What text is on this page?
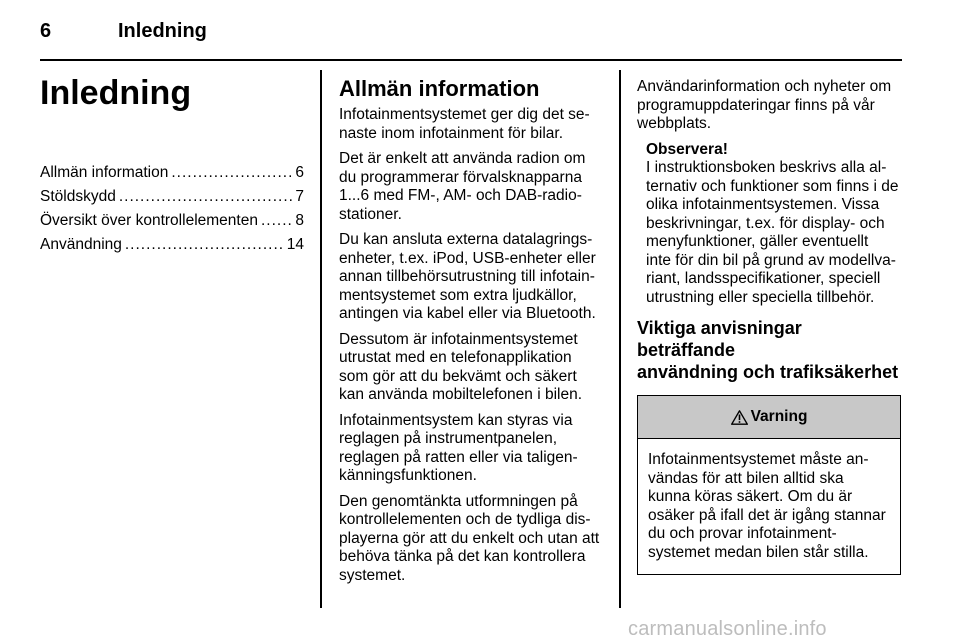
6	Inledning
Inledning
Allmän information .....	6
Stöldskydd .....	7
Översikt över kontrollelementen ..... 8
Användning .....	14
Allmän information

Infotainmentsystemet ger dig det se-
naste inom infotainment för bilar.

Det är enkelt att använda radion om
du programmerar förvalsknapparna
1...6 med FM-, AM- och DAB-radio-
stationer.

Du kan ansluta externa datalagrings-
enheter, t.ex. iPod, USB-enheter eller
annan tillbehörsutrustning till infotain-
mentsystemet som extra ljudkällor,
antingen via kabel eller via Bluetooth.

Dessutom är infotainmentsystemet
utrustat med en telefonapplikation
som gör att du bekvämt och säkert
kan använda mobiltelefonen i bilen.

Infotainmentsystem kan styras via
reglagen på instrumentpanelen,
reglagen på ratten eller via taligen-
känningsfunktionen.

Den genomtänkta utformningen på
kontrollelementen och de tydliga dis-
playerna gör att du enkelt och utan att
behöva tänka på det kan kontrollera
systemet.

Användarinformation och nyheter om
programuppdateringar finns på vår
webbplats.

Observera!

I instruktionsboken beskrivs alla al-
ternativ och funktioner som finns i de
olika infotainmentsystemen. Vissa
beskrivningar, t.ex. för display- och
menyfunktioner, gäller eventuellt
inte för din bil på grund av modellva-
riant, landsspecifikationer, speciell
utrustning eller speciella tillbehör.

Viktiga anvisningar beträffande
användning och trafiksäkerhet
Varning

Infotainmentsystemet måste an-
vändas för att bilen alltid ska
kunna köras säkert. Om du är
osäker på ifall det är igång stannar
du och provar infotainment-
systemet medan bilen står stilla.

carmanualsonline.info
